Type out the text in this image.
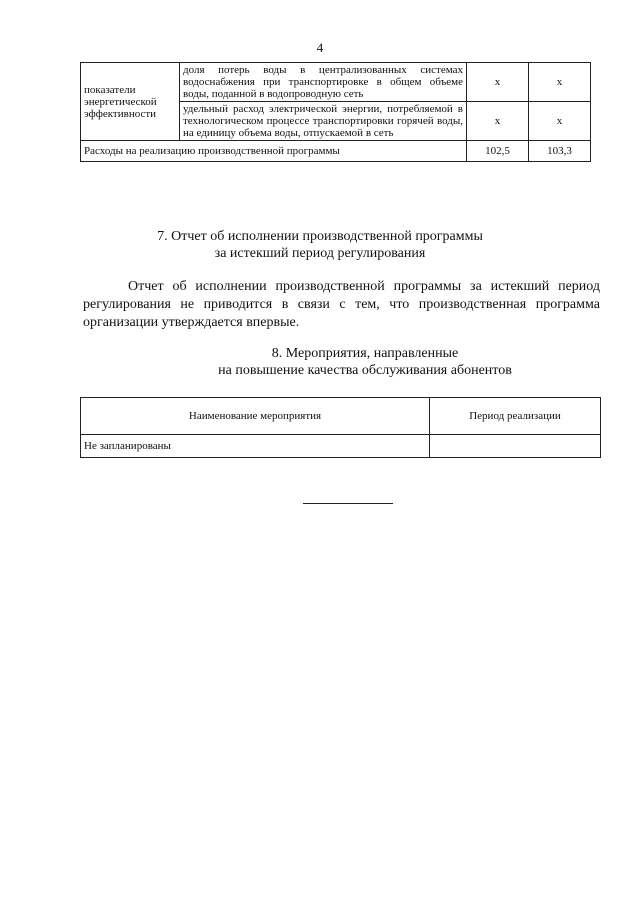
4
показатели энергетической эффективности	доля потерь воды в централизованных системах водоснабжения при транспортировке в общем объеме воды, поданной в водопроводную сеть	x	x
	удельный расход электрической энергии, потребляемой в технологическом процессе транспортировки горячей воды, на единицу объема воды, отпускаемой в сеть	x	x
Расходы на реализацию производственной программы		102,5	103,3
7. Отчет об исполнении производственной программы
за истекший период регулирования
Отчет об исполнении производственной программы за истекший период регулирования не приводится в связи с тем, что производственная программа организации утверждается впервые.
8. Мероприятия, направленные
на повышение качества обслуживания абонентов
Наименование мероприятия	Период реализации
Не запланированы	
